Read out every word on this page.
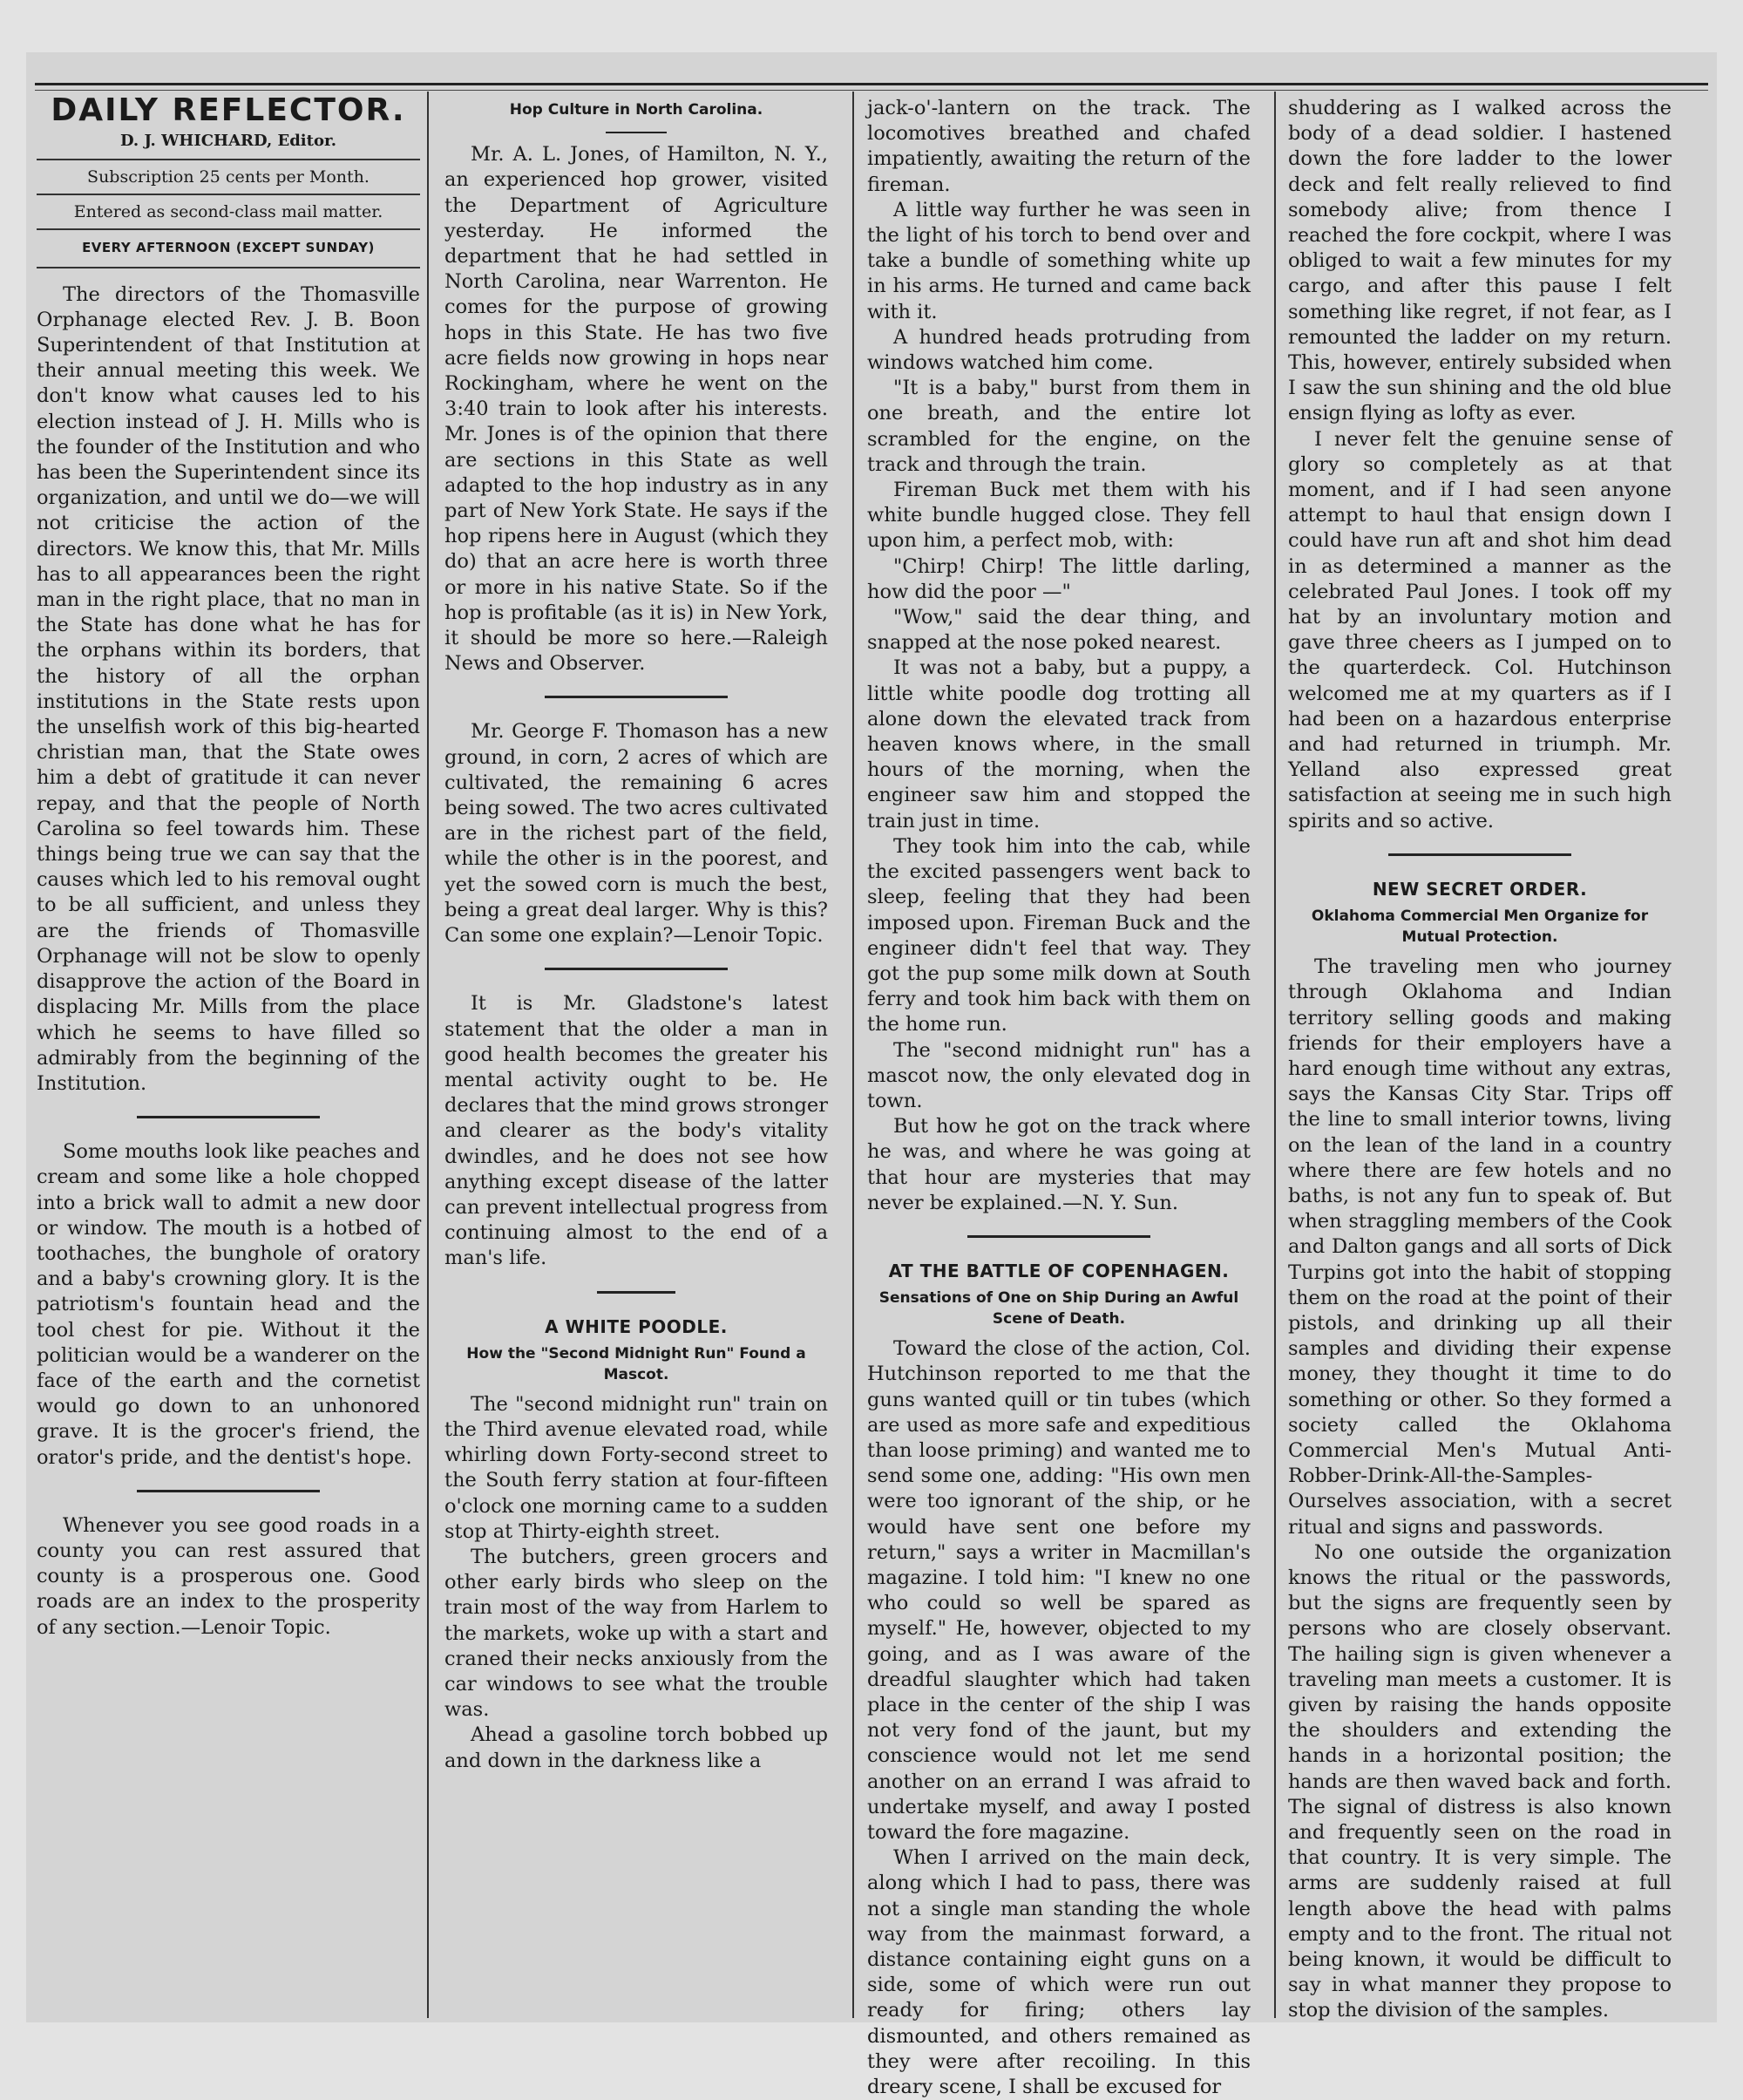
DAILY REFLECTOR.
D. J. WHICHARD, Editor.
Subscription 25 cents per Month.
Entered as second-class mail matter.
EVERY AFTERNOON (EXCEPT SUNDAY)

The directors of the Thomasville Orphanage elected Rev. J. B. Boon Superintendent of that Institution at their annual meeting this week. We don't know what causes led to his election instead of J. H. Mills who is the founder of the Institution and who has been the Superintendent since its organization, and until we do—we will not criticise the action of the directors. We know this, that Mr. Mills has to all appearances been the right man in the right place, that no man in the State has done what he has for the orphans within its borders, that the history of all the orphan institutions in the State rests upon the unselfish work of this big-hearted christian man, that the State owes him a debt of gratitude it can never repay, and that the people of North Carolina so feel towards him. These things being true we can say that the causes which led to his removal ought to be all sufficient, and unless they are the friends of Thomasville Orphanage will not be slow to openly disapprove the action of the Board in displacing Mr. Mills from the place which he seems to have filled so admirably from the beginning of the Institution.

Some mouths look like peaches and cream and some like a hole chopped into a brick wall to admit a new door or window. The mouth is a hotbed of toothaches, the bunghole of oratory and a baby's crowning glory. It is the patriotism's fountain head and the tool chest for pie. Without it the politician would be a wanderer on the face of the earth and the cornetist would go down to an unhonored grave. It is the grocer's friend, the orator's pride, and the dentist's hope.

Whenever you see good roads in a county you can rest assured that county is a prosperous one. Good roads are an index to the prosperity of any section.—Lenoir Topic.

Hop Culture in North Carolina.

Mr. A. L. Jones, of Hamilton, N. Y., an experienced hop grower, visited the Department of Agriculture yesterday. He informed the department that he had settled in North Carolina, near Warrenton. He comes for the purpose of growing hops in this State. He has two five acre fields now growing in hops near Rockingham, where he went on the 3:40 train to look after his interests. Mr. Jones is of the opinion that there are sections in this State as well adapted to the hop industry as in any part of New York State. He says if the hop ripens here in August (which they do) that an acre here is worth three or more in his native State. So if the hop is profitable (as it is) in New York, it should be more so here.—Raleigh News and Observer.

Mr. George F. Thomason has a new ground, in corn, 2 acres of which are cultivated, the remaining 6 acres being sowed. The two acres cultivated are in the richest part of the field, while the other is in the poorest, and yet the sowed corn is much the best, being a great deal larger. Why is this? Can some one explain?—Lenoir Topic.

It is Mr. Gladstone's latest statement that the older a man in good health becomes the greater his mental activity ought to be. He declares that the mind grows stronger and clearer as the body's vitality dwindles, and he does not see how anything except disease of the latter can prevent intellectual progress from continuing almost to the end of a man's life.

A WHITE POODLE.
How the "Second Midnight Run" Found a Mascot.

The "second midnight run" train on the Third avenue elevated road, while whirling down Forty-second street to the South ferry station at four-fifteen o'clock one morning came to a sudden stop at Thirty-eighth street.

The butchers, green grocers and other early birds who sleep on the train most of the way from Harlem to the markets, woke up with a start and craned their necks anxiously from the car windows to see what the trouble was.

Ahead a gasoline torch bobbed up and down in the darkness like a

jack-o'-lantern on the track. The locomotives breathed and chafed impatiently, awaiting the return of the fireman.

A little way further he was seen in the light of his torch to bend over and take a bundle of something white up in his arms. He turned and came back with it.

A hundred heads protruding from windows watched him come.

"It is a baby," burst from them in one breath, and the entire lot scrambled for the engine, on the track and through the train.

Fireman Buck met them with his white bundle hugged close. They fell upon him, a perfect mob, with:

"Chirp! Chirp! The little darling, how did the poor —"

"Wow," said the dear thing, and snapped at the nose poked nearest.

It was not a baby, but a puppy, a little white poodle dog trotting all alone down the elevated track from heaven knows where, in the small hours of the morning, when the engineer saw him and stopped the train just in time.

They took him into the cab, while the excited passengers went back to sleep, feeling that they had been imposed upon. Fireman Buck and the engineer didn't feel that way. They got the pup some milk down at South ferry and took him back with them on the home run.

The "second midnight run" has a mascot now, the only elevated dog in town.

But how he got on the track where he was, and where he was going at that hour are mysteries that may never be explained.—N. Y. Sun.

AT THE BATTLE OF COPENHAGEN.
Sensations of One on Ship During an Awful Scene of Death.

Toward the close of the action, Col. Hutchinson reported to me that the guns wanted quill or tin tubes (which are used as more safe and expeditious than loose priming) and wanted me to send some one, adding: "His own men were too ignorant of the ship, or he would have sent one before my return," says a writer in Macmillan's magazine. I told him: "I knew no one who could so well be spared as myself." He, however, objected to my going, and as I was aware of the dreadful slaughter which had taken place in the center of the ship I was not very fond of the jaunt, but my conscience would not let me send another on an errand I was afraid to undertake myself, and away I posted toward the fore magazine.

When I arrived on the main deck, along which I had to pass, there was not a single man standing the whole way from the mainmast forward, a distance containing eight guns on a side, some of which were run out ready for firing; others lay dismounted, and others remained as they were after recoiling. In this dreary scene, I shall be excused for

shuddering as I walked across the body of a dead soldier. I hastened down the fore ladder to the lower deck and felt really relieved to find somebody alive; from thence I reached the fore cockpit, where I was obliged to wait a few minutes for my cargo, and after this pause I felt something like regret, if not fear, as I remounted the ladder on my return. This, however, entirely subsided when I saw the sun shining and the old blue ensign flying as lofty as ever.

I never felt the genuine sense of glory so completely as at that moment, and if I had seen anyone attempt to haul that ensign down I could have run aft and shot him dead in as determined a manner as the celebrated Paul Jones. I took off my hat by an involuntary motion and gave three cheers as I jumped on to the quarterdeck. Col. Hutchinson welcomed me at my quarters as if I had been on a hazardous enterprise and had returned in triumph. Mr. Yelland also expressed great satisfaction at seeing me in such high spirits and so active.

NEW SECRET ORDER.
Oklahoma Commercial Men Organize for Mutual Protection.

The traveling men who journey through Oklahoma and Indian territory selling goods and making friends for their employers have a hard enough time without any extras, says the Kansas City Star. Trips off the line to small interior towns, living on the lean of the land in a country where there are few hotels and no baths, is not any fun to speak of. But when straggling members of the Cook and Dalton gangs and all sorts of Dick Turpins got into the habit of stopping them on the road at the point of their pistols, and drinking up all their samples and dividing their expense money, they thought it time to do something or other. So they formed a society called the Oklahoma Commercial Men's Mutual Anti-Robber-Drink-All-the-Samples-Ourselves association, with a secret ritual and signs and passwords.

No one outside the organization knows the ritual or the passwords, but the signs are frequently seen by persons who are closely observant. The hailing sign is given whenever a traveling man meets a customer. It is given by raising the hands opposite the shoulders and extending the hands in a horizontal position; the hands are then waved back and forth. The signal of distress is also known and frequently seen on the road in that country. It is very simple. The arms are suddenly raised at full length above the head with palms empty and to the front. The ritual not being known, it would be difficult to say in what manner they propose to stop the division of the samples.
